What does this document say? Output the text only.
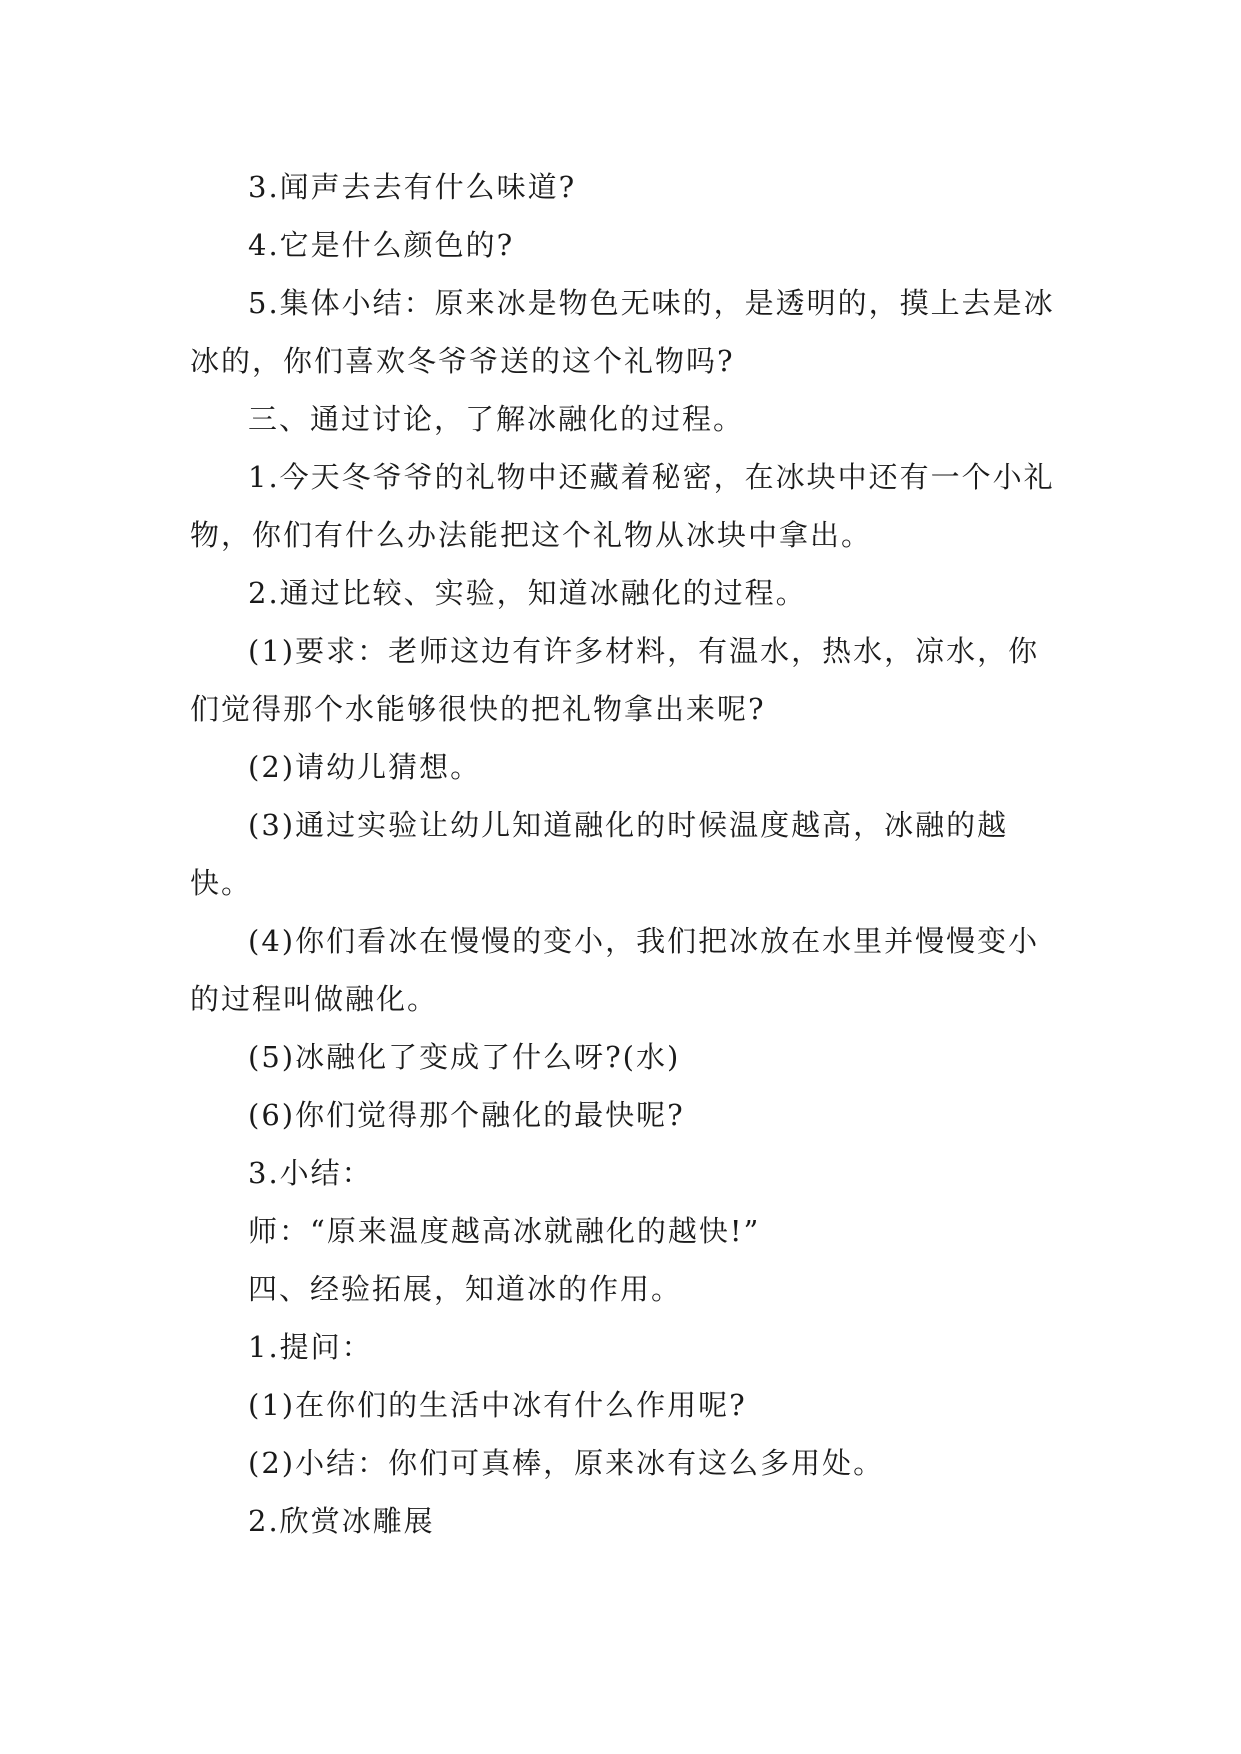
3.闻声去去有什么味道?

4.它是什么颜色的?

5.集体小结：原来冰是物色无味的，是透明的，摸上去是冰冰的，你们喜欢冬爷爷送的这个礼物吗?

三、通过讨论，了解冰融化的过程。

1.今天冬爷爷的礼物中还藏着秘密，在冰块中还有一个小礼物，你们有什么办法能把这个礼物从冰块中拿出。

2.通过比较、实验，知道冰融化的过程。

(1)要求：老师这边有许多材料，有温水，热水，凉水，你们觉得那个水能够很快的把礼物拿出来呢?

(2)请幼儿猜想。

(3)通过实验让幼儿知道融化的时候温度越高，冰融的越快。

(4)你们看冰在慢慢的变小，我们把冰放在水里并慢慢变小的过程叫做融化。

(5)冰融化了变成了什么呀?(水)

(6)你们觉得那个融化的最快呢?

3.小结：

师：“原来温度越高冰就融化的越快!”

四、经验拓展，知道冰的作用。

1.提问：

(1)在你们的生活中冰有什么作用呢?

(2)小结：你们可真棒，原来冰有这么多用处。

2.欣赏冰雕展
